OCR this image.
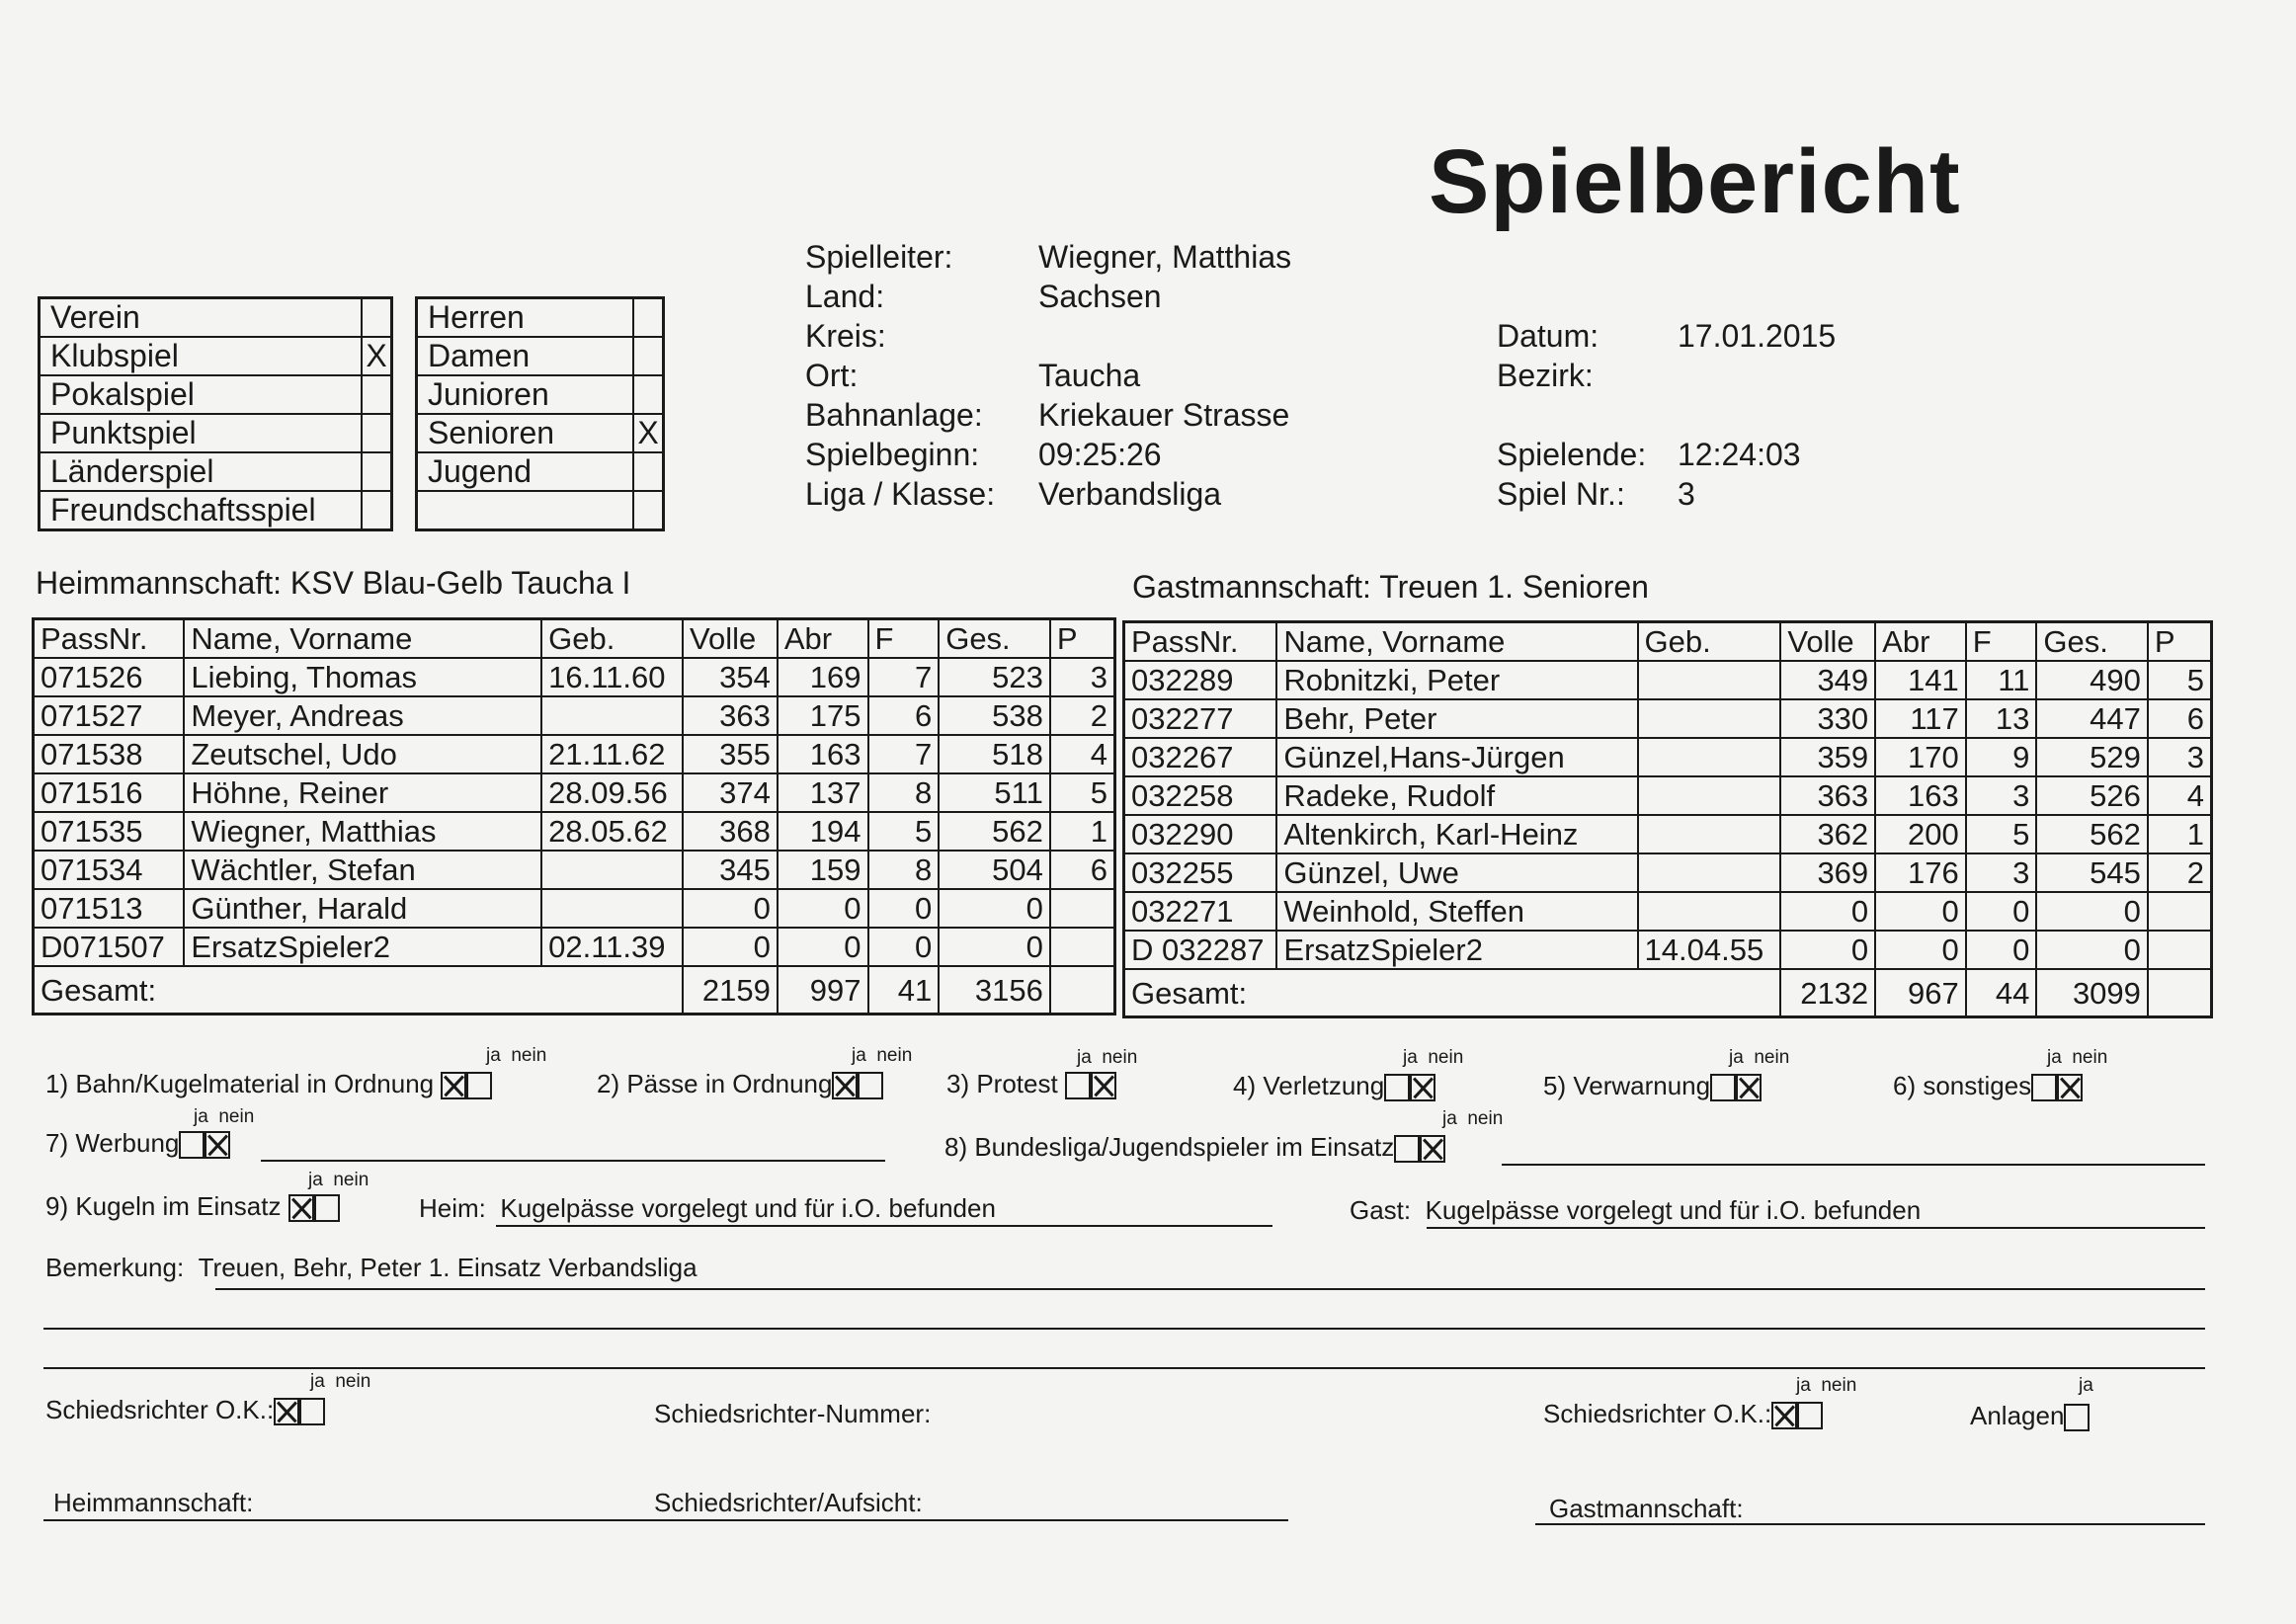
Spielbericht
Verein	
Klubspiel	X
Pokalspiel	
Punktspiel	
Länderspiel	
Freundschaftsspiel	
Herren	
Damen	
Junioren	
Senioren	X
Jugend	

Spielleiter:	Wiegner, Matthias
Land:	Sachsen
Kreis:
Ort:	Taucha
Bahnanlage:	Kriekauer Strasse
Spielbeginn:	09:25:26
Liga / Klasse:	Verbandsliga
Datum:	17.01.2015
Bezirk:
Spielende: 12:24:03
Spiel Nr.:	3
Heimmannschaft: KSV Blau-Gelb Taucha I	Gastmannschaft: Treuen 1. Senioren
PassNr.	Name, Vorname	Geb.	Volle	Abr	F	Ges.	P
071526	Liebing, Thomas	16.11.60	354	169	7	523	3
071527	Meyer, Andreas		363	175	6	538	2
071538	Zeutschel, Udo	21.11.62	355	163	7	518	4
071516	Höhne, Reiner	28.09.56	374	137	8	511	5
071535	Wiegner, Matthias	28.05.62	368	194	5	562	1
071534	Wächtler, Stefan		345	159	8	504	6
071513	Günther, Harald		0	0	0	0	
D071507	ErsatzSpieler2	02.11.39	0	0	0	0	
Gesamt:			2159	997	41	3156	
PassNr.	Name, Vorname	Geb.	Volle	Abr	F	Ges.	P
032289	Robnitzki, Peter		349	141	11	490	5
032277	Behr, Peter		330	117	13	447	6
032267	Günzel,Hans-Jürgen		359	170	9	529	3
032258	Radeke, Rudolf		363	163	3	526	4
032290	Altenkirch, Karl-Heinz		362	200	5	562	1
032255	Günzel, Uwe		369	176	3	545	2
032271	Weinhold, Steffen		0	0	0	0	
D 032287	ErsatzSpieler2	14.04.55	0	0	0	0	
Gesamt:			2132	967	44	3099	
ja nein
1) Bahn/Kugelmaterial in Ordnung
ja nein
2) Pässe in Ordnung
ja nein
3) Protest
ja nein
4) Verletzung
ja nein
5) Verwarnung
ja nein
6) sonstiges
ja nein
7) Werbung
ja nein
8) Bundesliga/Jugendspieler im Einsatz
ja nein
9) Kugeln im Einsatz	Heim: Kugelpässe vorgelegt und für i.O. befunden	Gast: Kugelpässe vorgelegt und für i.O. befunden
Bemerkung: Treuen, Behr, Peter 1. Einsatz Verbandsliga
ja nein
Schiedsrichter O.K.:	Schiedsrichter-Nummer:
ja nein
Schiedsrichter O.K.:
ja
Anlagen
Heimmannschaft:	Schiedsrichter/Aufsicht:	Gastmannschaft:
